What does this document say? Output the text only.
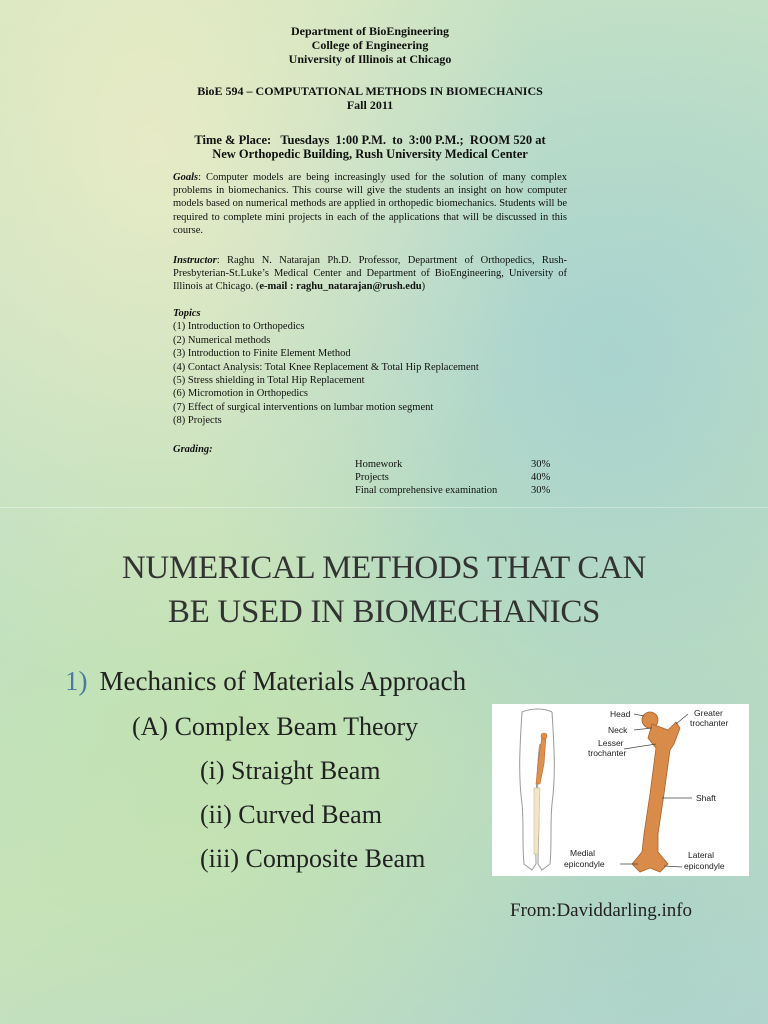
Department of BioEngineering
College of Engineering
University of Illinois at Chicago
BioE 594 – COMPUTATIONAL METHODS IN BIOMECHANICS
Fall 2011
Time & Place:   Tuesdays  1:00 P.M.  to  3:00 P.M.;  ROOM 520 at
New Orthopedic Building, Rush University Medical Center
Goals: Computer models are being increasingly used for the solution of many complex problems in biomechanics. This course will give the students an insight on how computer models based on numerical methods are applied in orthopedic biomechanics. Students will be required to complete mini projects in each of the applications that will be discussed in this course.
Instructor: Raghu N. Natarajan Ph.D. Professor, Department of Orthopedics, Rush-Presbyterian-St.Luke’s Medical Center and Department of BioEngineering, University of Illinois at Chicago. (e-mail : raghu_natarajan@rush.edu)
Topics
(1) Introduction to Orthopedics
(2) Numerical methods
(3) Introduction to Finite Element Method
(4) Contact Analysis: Total Knee Replacement & Total Hip Replacement
(5) Stress shielding in Total Hip Replacement
(6) Micromotion in Orthopedics
(7) Effect of surgical interventions on lumbar motion segment
(8) Projects
Grading:
Homework	30%
Projects	40%
Final comprehensive examination	30%
NUMERICAL METHODS THAT CAN
BE USED IN BIOMECHANICS
1) Mechanics of Materials Approach
(A) Complex Beam Theory
(i) Straight Beam
(ii) Curved Beam
(iii) Composite Beam
Head
Neck
Lesser
trochanter
Greater
trochanter
Shaft
Medial
epicondyle
Lateral
epicondyle
From:Daviddarling.info
